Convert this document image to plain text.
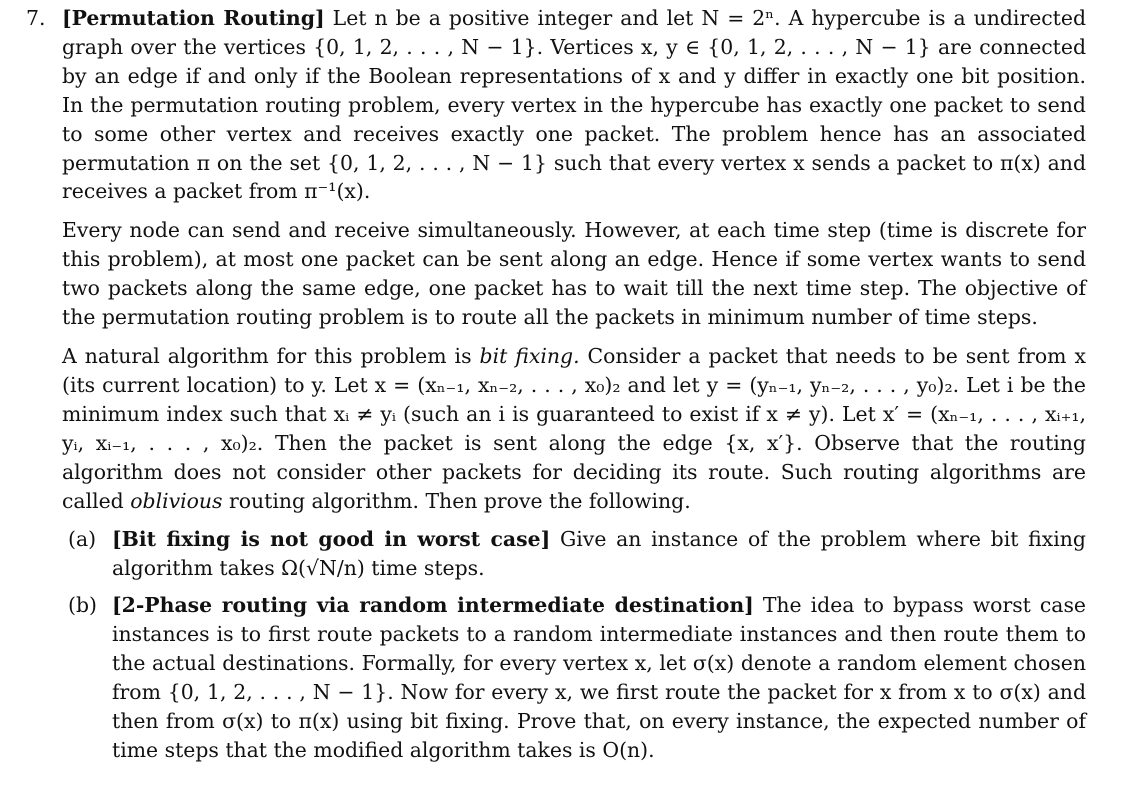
7. [Permutation Routing] Let n be a positive integer and let N = 2ⁿ. A hypercube is a undirected graph over the vertices {0, 1, 2, . . . , N − 1}. Vertices x, y ∈ {0, 1, 2, . . . , N − 1} are connected by an edge if and only if the Boolean representations of x and y differ in exactly one bit position. In the permutation routing problem, every vertex in the hypercube has exactly one packet to send to some other vertex and receives exactly one packet. The problem hence has an associated permutation π on the set {0, 1, 2, . . . , N − 1} such that every vertex x sends a packet to π(x) and receives a packet from π⁻¹(x).

Every node can send and receive simultaneously. However, at each time step (time is discrete for this problem), at most one packet can be sent along an edge. Hence if some vertex wants to send two packets along the same edge, one packet has to wait till the next time step. The objective of the permutation routing problem is to route all the packets in minimum number of time steps.

A natural algorithm for this problem is bit fixing. Consider a packet that needs to be sent from x (its current location) to y. Let x = (xₙ₋₁, xₙ₋₂, . . . , x₀)₂ and let y = (yₙ₋₁, yₙ₋₂, . . . , y₀)₂. Let i be the minimum index such that xᵢ ≠ yᵢ (such an i is guaranteed to exist if x ≠ y). Let x′ = (xₙ₋₁, . . . , xᵢ₊₁, yᵢ, xᵢ₋₁, . . . , x₀)₂. Then the packet is sent along the edge {x, x′}. Observe that the routing algorithm does not consider other packets for deciding its route. Such routing algorithms are called oblivious routing algorithm. Then prove the following.

(a) [Bit fixing is not good in worst case] Give an instance of the problem where bit fixing algorithm takes Ω(√N/n) time steps.

(b) [2-Phase routing via random intermediate destination] The idea to bypass worst case instances is to first route packets to a random intermediate instances and then route them to the actual destinations. Formally, for every vertex x, let σ(x) denote a random element chosen from {0, 1, 2, . . . , N − 1}. Now for every x, we first route the packet for x from x to σ(x) and then from σ(x) to π(x) using bit fixing. Prove that, on every instance, the expected number of time steps that the modified algorithm takes is O(n).
